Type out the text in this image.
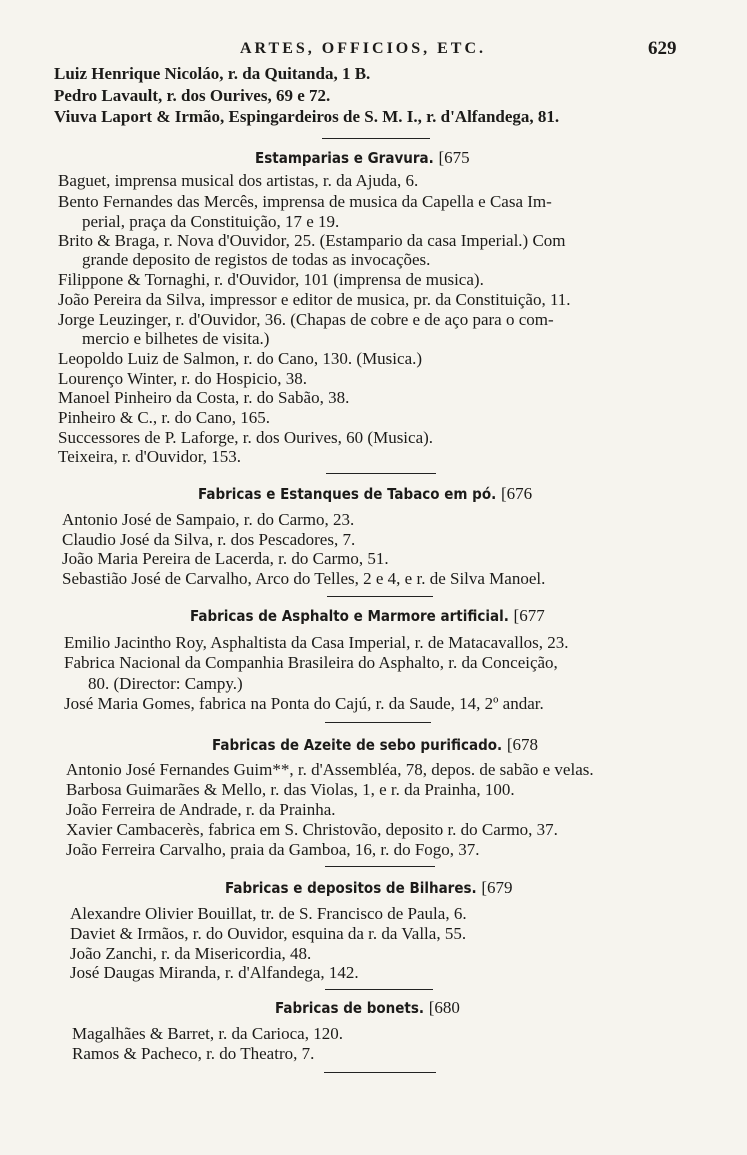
ARTES, OFFICIOS, ETC.	629
Luiz Henrique Nicoláo, r. da Quitanda, 1 B.
Pedro Lavault, r. dos Ourives, 69 e 72.
Viuva Laport & Irmão, Espingardeiros de S. M. I., r. d'Alfandega, 81.
Estamparias e Gravura. [675
Baguet, imprensa musical dos artistas, r. da Ajuda, 6.
Bento Fernandes das Mercês, imprensa de musica da Capella e Casa Im-
perial, praça da Constituição, 17 e 19.
Brito & Braga, r. Nova d'Ouvidor, 25. (Estampario da casa Imperial.) Com
grande deposito de registos de todas as invocações.
Filippone & Tornaghi, r. d'Ouvidor, 101 (imprensa de musica).
João Pereira da Silva, impressor e editor de musica, pr. da Constituição, 11.
Jorge Leuzinger, r. d'Ouvidor, 36. (Chapas de cobre e de aço para o com-
mercio e bilhetes de visita.)
Leopoldo Luiz de Salmon, r. do Cano, 130. (Musica.)
Lourenço Winter, r. do Hospicio, 38.
Manoel Pinheiro da Costa, r. do Sabão, 38.
Pinheiro & C., r. do Cano, 165.
Successores de P. Laforge, r. dos Ourives, 60 (Musica).
Teixeira, r. d'Ouvidor, 153.
Fabricas e Estanques de Tabaco em pó. [676
Antonio José de Sampaio, r. do Carmo, 23.
Claudio José da Silva, r. dos Pescadores, 7.
João Maria Pereira de Lacerda, r. do Carmo, 51.
Sebastião José de Carvalho, Arco do Telles, 2 e 4, e r. de Silva Manoel.
Fabricas de Asphalto e Marmore artificial. [677
Emilio Jacintho Roy, Asphaltista da Casa Imperial, r. de Matacavallos, 23.
Fabrica Nacional da Companhia Brasileira do Asphalto, r. da Conceição,
80. (Director: Campy.)
José Maria Gomes, fabrica na Ponta do Cajú, r. da Saude, 14, 2º andar.
Fabricas de Azeite de sebo purificado. [678
Antonio José Fernandes Guim**, r. d'Assembléa, 78, depos. de sabão e velas.
Barbosa Guimarães & Mello, r. das Violas, 1, e r. da Prainha, 100.
João Ferreira de Andrade, r. da Prainha.
Xavier Cambacerès, fabrica em S. Christovão, deposito r. do Carmo, 37.
João Ferreira Carvalho, praia da Gamboa, 16, r. do Fogo, 37.
Fabricas e depositos de Bilhares. [679
Alexandre Olivier Bouillat, tr. de S. Francisco de Paula, 6.
Daviet & Irmãos, r. do Ouvidor, esquina da r. da Valla, 55.
João Zanchi, r. da Misericordia, 48.
José Daugas Miranda, r. d'Alfandega, 142.
Fabricas de bonets. [680
Magalhães & Barret, r. da Carioca, 120.
Ramos & Pacheco, r. do Theatro, 7.
